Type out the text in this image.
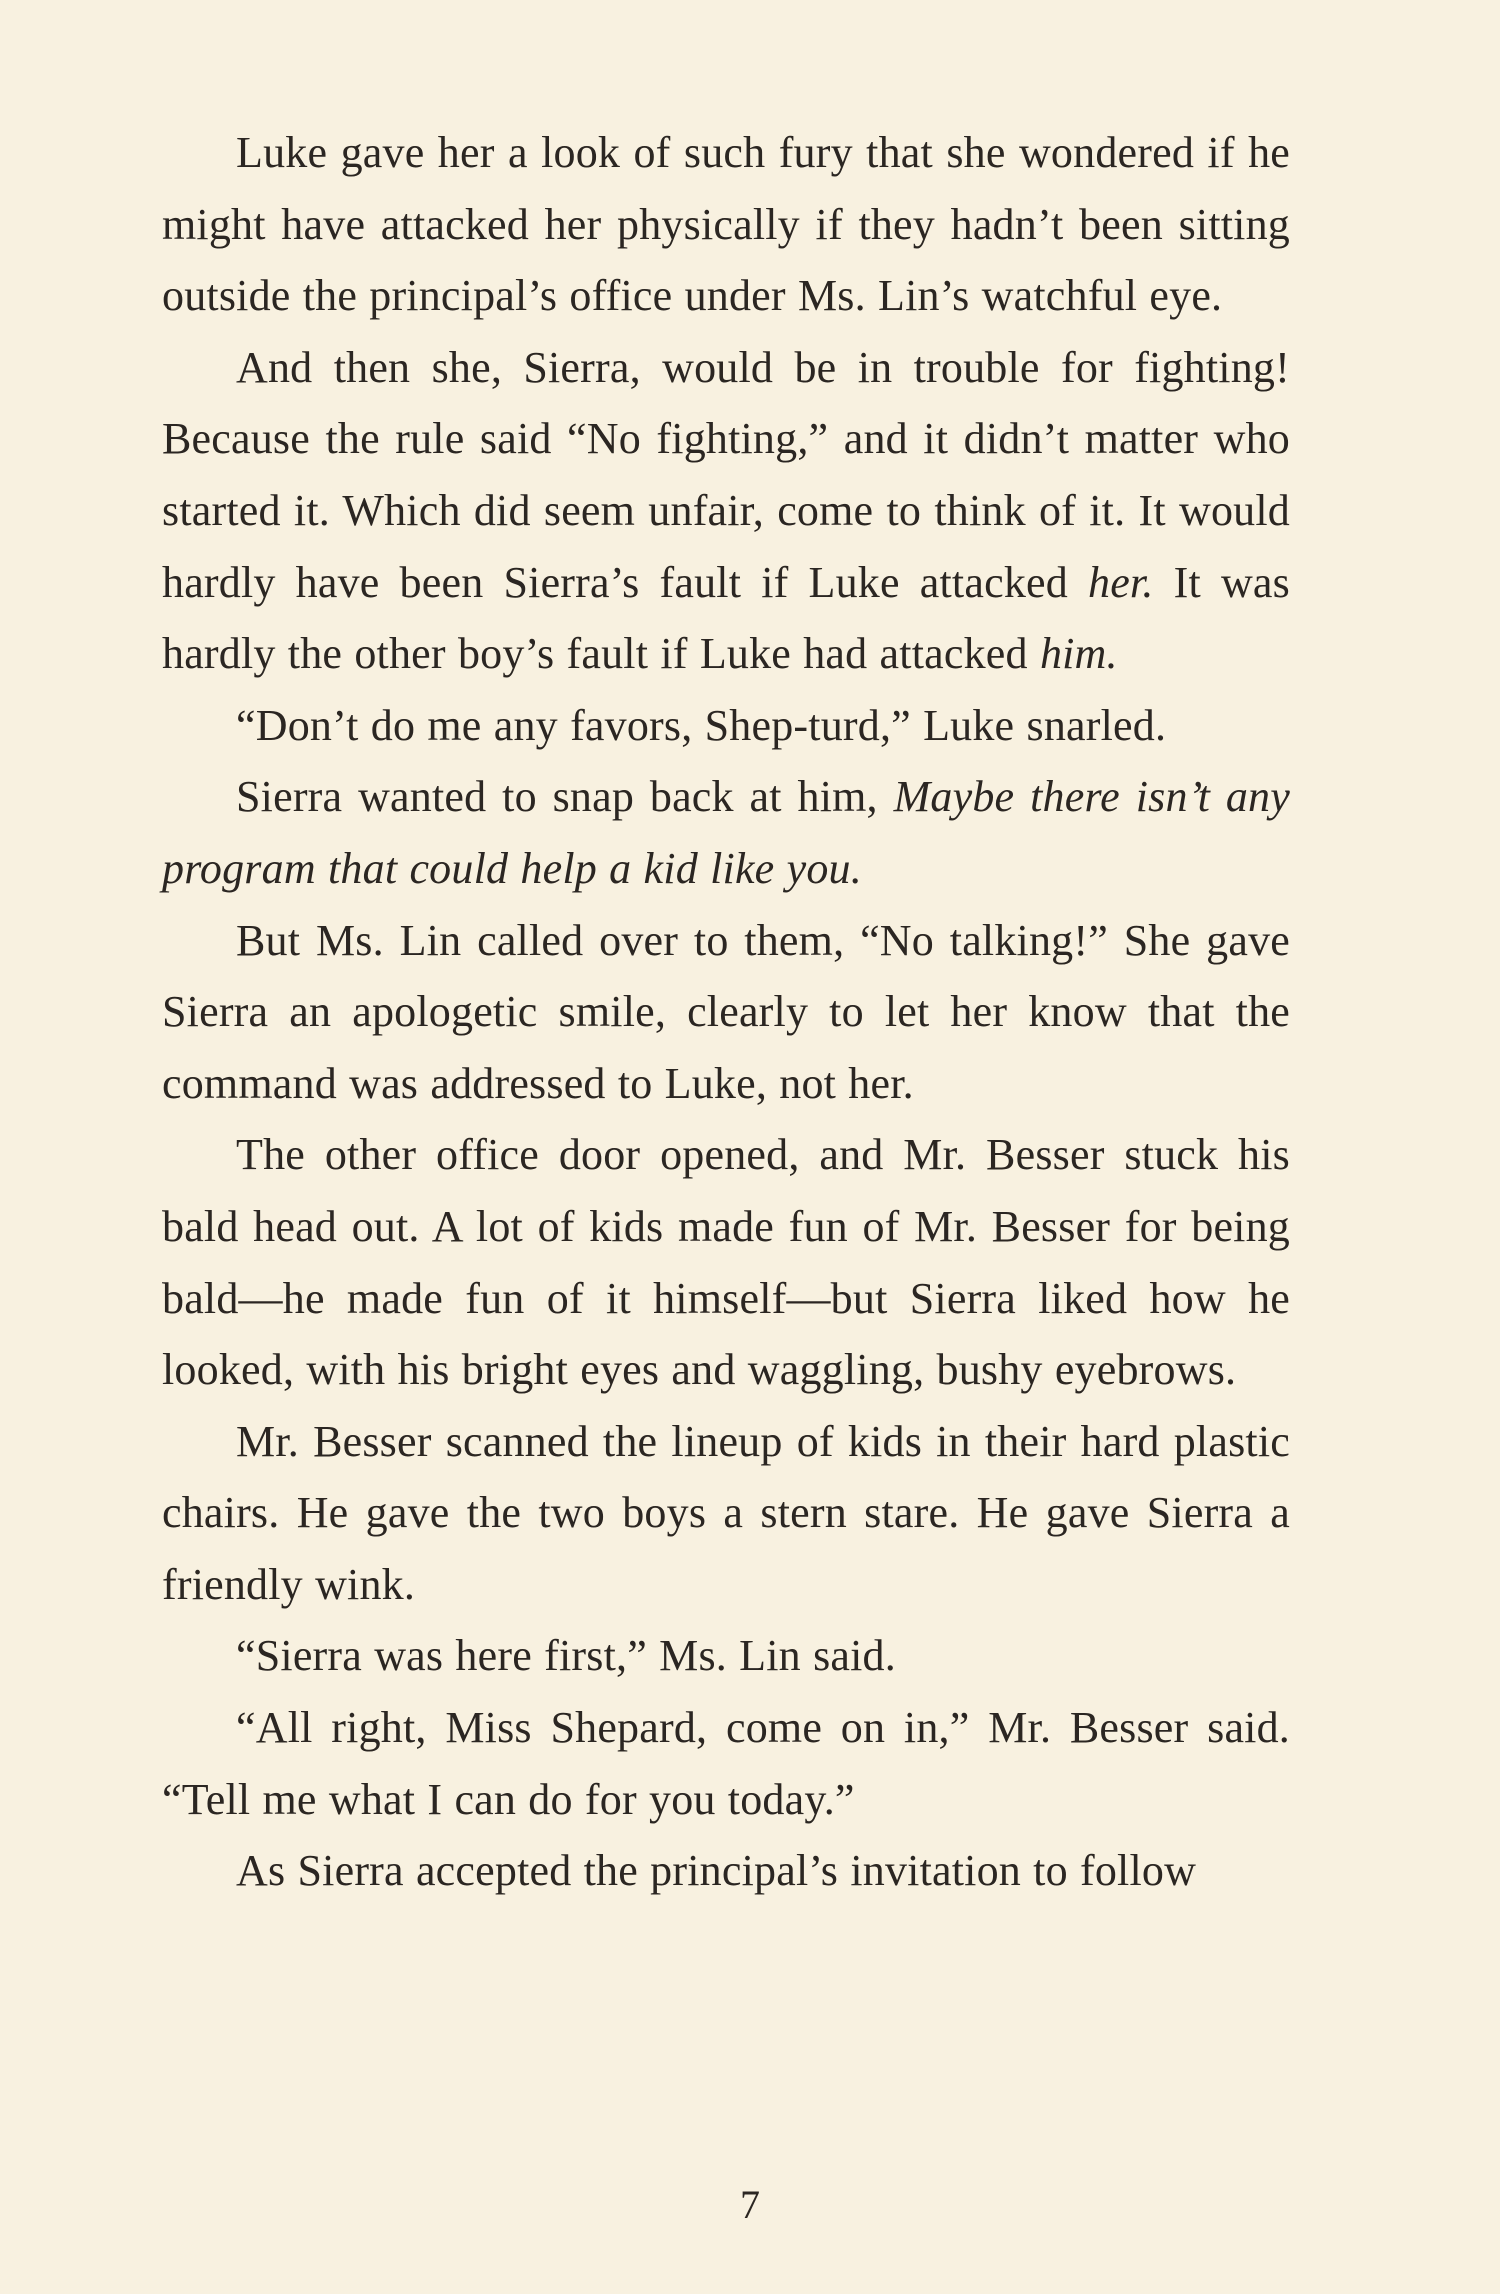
Luke gave her a look of such fury that she wondered if he might have attacked her physically if they hadn’t been sitting outside the principal’s office under Ms. Lin’s watchful eye.

And then she, Sierra, would be in trouble for fighting! Because the rule said “No fighting,” and it didn’t matter who started it. Which did seem unfair, come to think of it. It would hardly have been Sierra’s fault if Luke attacked her. It was hardly the other boy’s fault if Luke had attacked him.

“Don’t do me any favors, Shep-turd,” Luke snarled.

Sierra wanted to snap back at him, Maybe there isn’t any program that could help a kid like you.

But Ms. Lin called over to them, “No talking!” She gave Sierra an apologetic smile, clearly to let her know that the command was addressed to Luke, not her.

The other office door opened, and Mr. Besser stuck his bald head out. A lot of kids made fun of Mr. Besser for being bald—he made fun of it himself—but Sierra liked how he looked, with his bright eyes and waggling, bushy eyebrows.

Mr. Besser scanned the lineup of kids in their hard plastic chairs. He gave the two boys a stern stare. He gave Sierra a friendly wink.

“Sierra was here first,” Ms. Lin said.

“All right, Miss Shepard, come on in,” Mr. Besser said. “Tell me what I can do for you today.”

As Sierra accepted the principal’s invitation to follow

7
